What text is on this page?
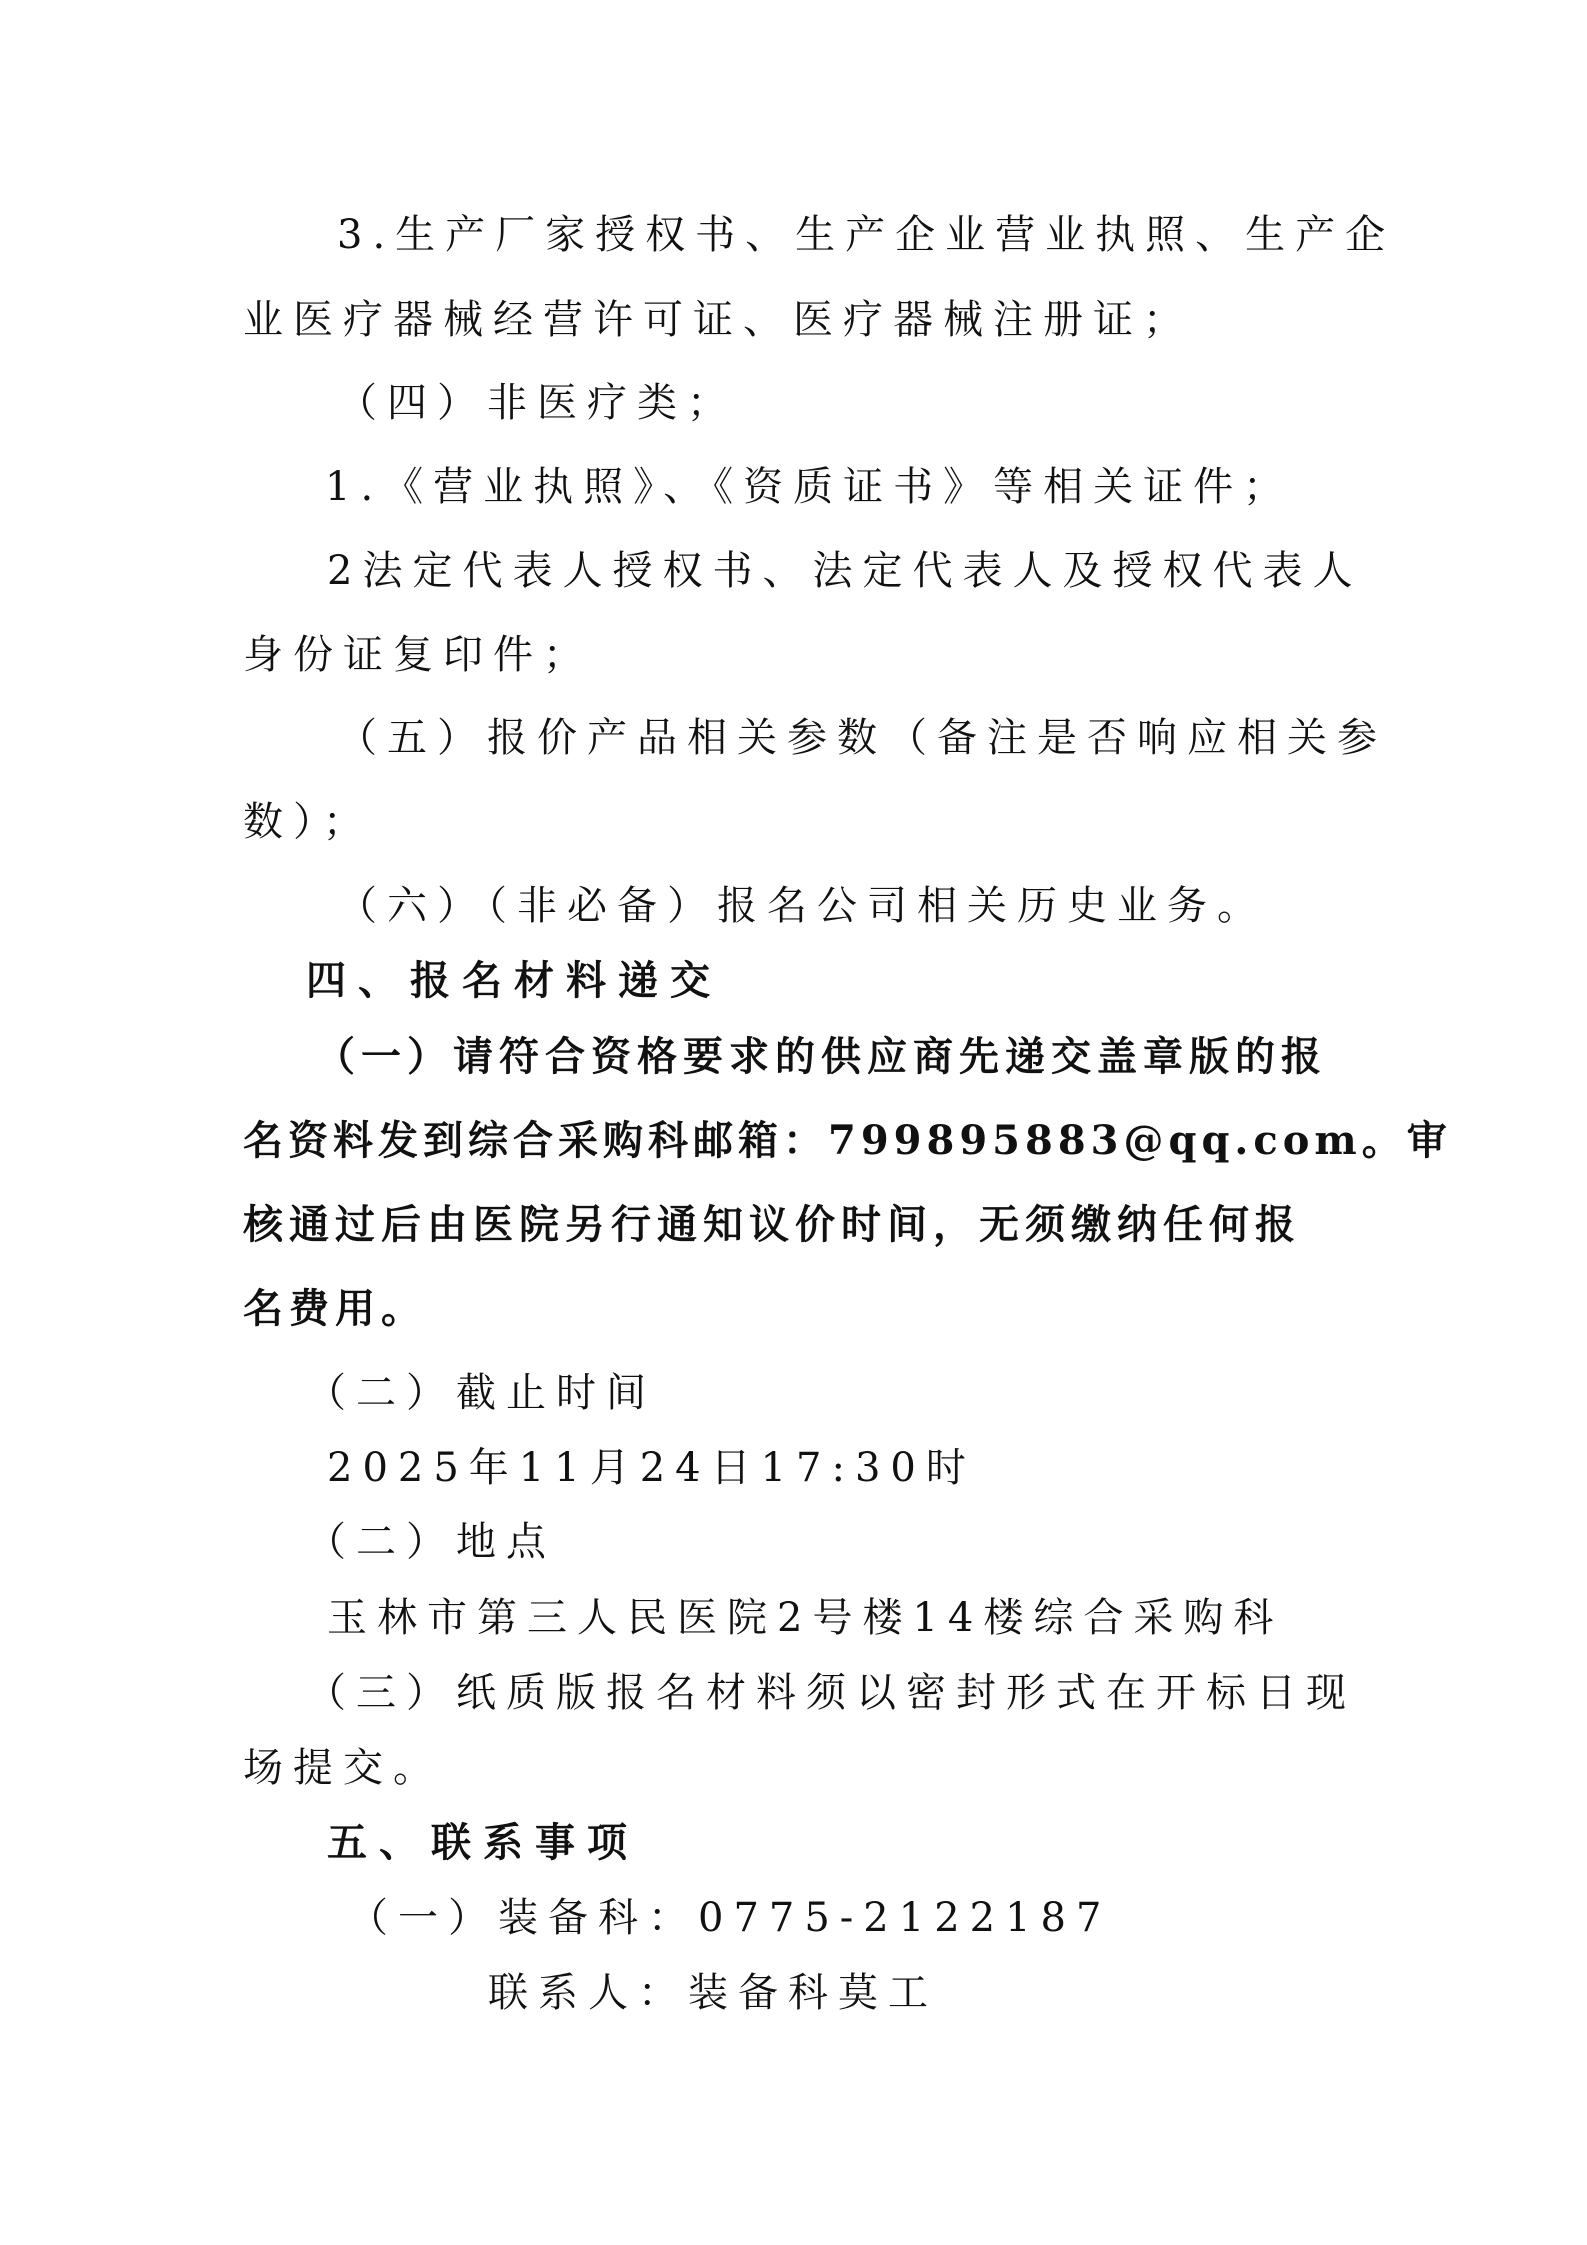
3.生产厂家授权书、生产企业营业执照、生产企
业医疗器械经营许可证、医疗器械注册证；
（四）非医疗类；
1.《营业执照》、《资质证书》等相关证件；
2法定代表人授权书、法定代表人及授权代表人
身份证复印件；
（五）报价产品相关参数（备注是否响应相关参
数）；
（六）（非必备）报名公司相关历史业务。
四、报名材料递交
（一）请符合资格要求的供应商先递交盖章版的报
名资料发到综合采购科邮箱：799895883@qq.com。审
核通过后由医院另行通知议价时间，无须缴纳任何报
名费用。
（二）截止时间
2025年11月24日17:30时
（二）地点
玉林市第三人民医院2号楼14楼综合采购科
（三）纸质版报名材料须以密封形式在开标日现
场提交。
五、联系事项
（一）装备科：0775-2122187
联系人：装备科莫工
